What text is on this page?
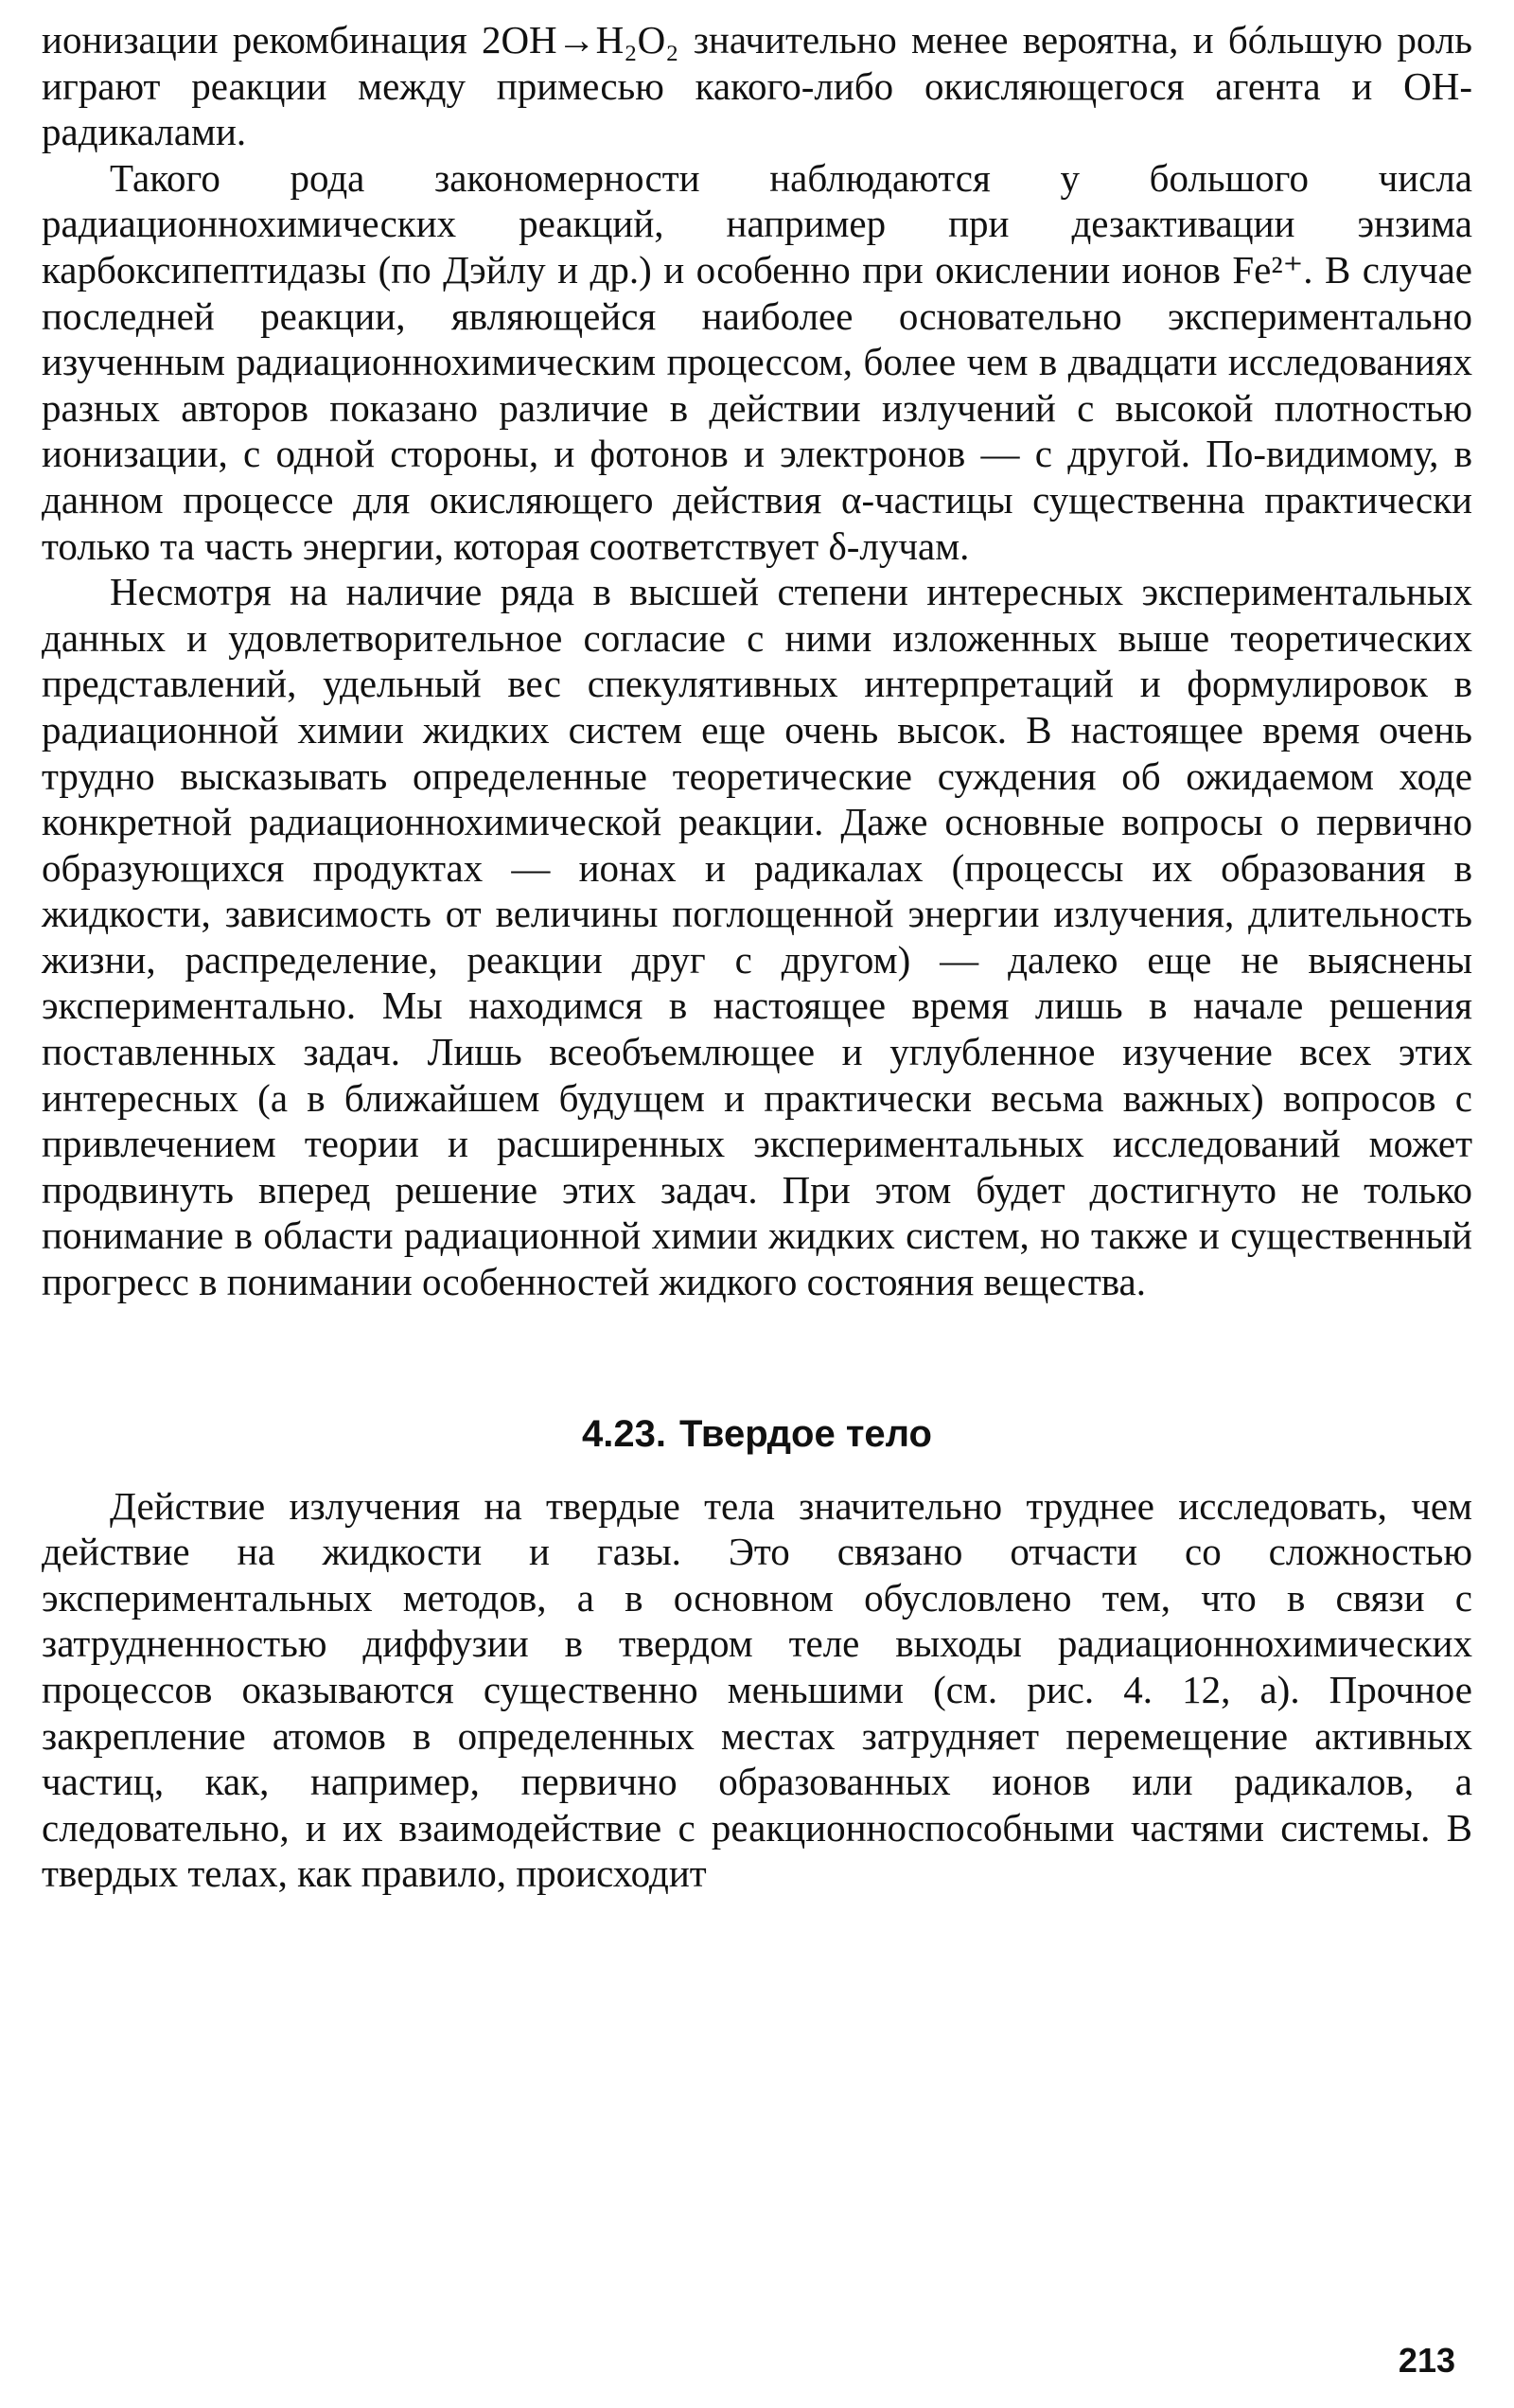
ионизации рекомбинация 2OH→H₂O₂ значительно менее вероятна, и бóльшую роль играют реакции между примесью какого-либо окисляющегося агента и OH-радикалами.

Такого рода закономерности наблюдаются у большого числа радиационнохимических реакций, например при дезактивации энзима карбоксипептидазы (по Дэйлу и др.) и особенно при окислении ионов Fe²⁺. В случае последней реакции, являющейся наиболее основательно экспериментально изученным радиационнохимическим процессом, более чем в двадцати исследованиях разных авторов показано различие в действии излучений с высокой плотностью ионизации, с одной стороны, и фотонов и электронов — с другой. По-видимому, в данном процессе для окисляющего действия α-частицы существенна практически только та часть энергии, которая соответствует δ-лучам.

Несмотря на наличие ряда в высшей степени интересных экспериментальных данных и удовлетворительное согласие с ними изложенных выше теоретических представлений, удельный вес спекулятивных интерпретаций и формулировок в радиационной химии жидких систем еще очень высок. В настоящее время очень трудно высказывать определенные теоретические суждения об ожидаемом ходе конкретной радиационнохимической реакции. Даже основные вопросы о первично образующихся продуктах — ионах и радикалах (процессы их образования в жидкости, зависимость от величины поглощенной энергии излучения, длительность жизни, распределение, реакции друг с другом) — далеко еще не выяснены экспериментально. Мы находимся в настоящее время лишь в начале решения поставленных задач. Лишь всеобъемлющее и углубленное изучение всех этих интересных (а в ближайшем будущем и практически весьма важных) вопросов с привлечением теории и расширенных экспериментальных исследований может продвинуть вперед решение этих задач. При этом будет достигнуто не только понимание в области радиационной химии жидких систем, но также и существенный прогресс в понимании особенностей жидкого состояния вещества.

4.23. Твердое тело

Действие излучения на твердые тела значительно труднее исследовать, чем действие на жидкости и газы. Это связано отчасти со сложностью экспериментальных методов, а в основном обусловлено тем, что в связи с затрудненностью диффузии в твердом теле выходы радиационнохимических процессов оказываются существенно меньшими (см. рис. 4. 12, а). Прочное закрепление атомов в определенных местах затрудняет перемещение активных частиц, как, например, первично образованных ионов или радикалов, а следовательно, и их взаимодействие с реакционноспособными частями системы. В твердых телах, как правило, происходит

213
